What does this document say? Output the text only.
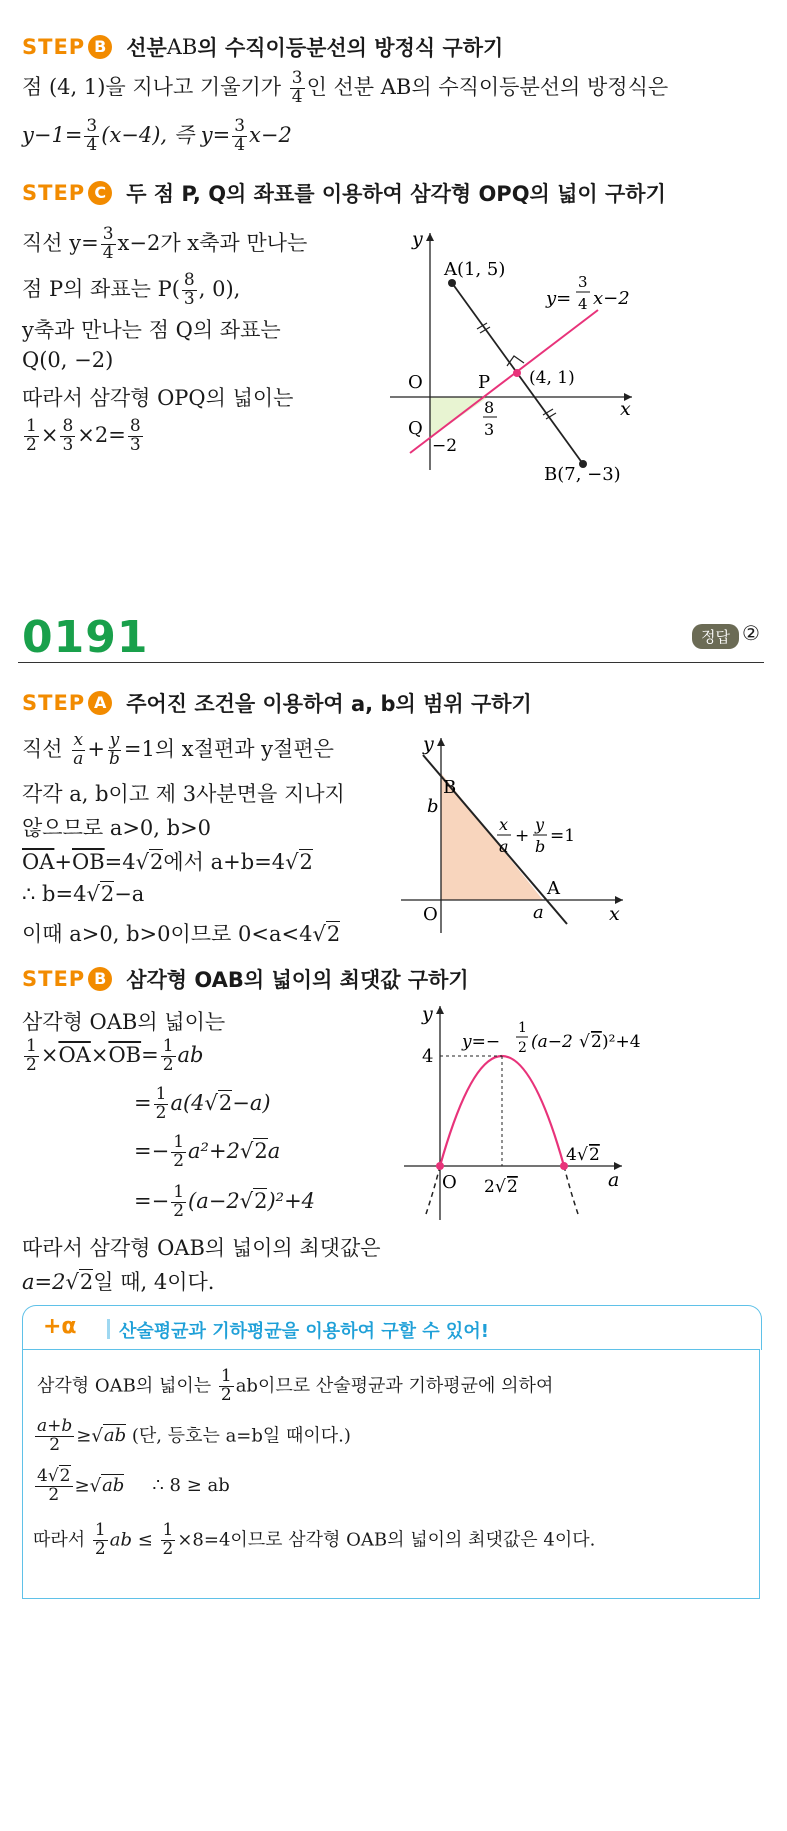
STEP B 선분 AB 의 수직이등분선의 방정식 구하기
점 (4, 1)을 지나고 기울기가 $\frac{3}{4}$ 인 선분 AB의 수직이등분선의 방정식은
$y-1= \frac{3}{4} (x-4)$, 즉 $y= \frac{3}{4} x-2$
STEP C 두 점 P, Q의 좌표를 이용하여 삼각형 OPQ의 넓이 구하기
직선 $y= \frac{3}{4} x-2$가 x축과 만나는
점 P의 좌표는 $P( \frac{8}{3}$ , 0),
y축과 만나는 점 Q의 좌표는
Q(0, −2)
따라서 삼각형 OPQ의 넓이는
$\frac{1}{2} \times \frac{8}{3} \times 2= \frac{8}{3}$
y
x
O	P
Q
−2
A(1, 5)
B(7, −3)
(4, 1)
8
3
y=
3
4 x−2
0191	정답 ②
STEP A 주어진 조건을 이용하여 a, b의 범위 구하기
직선 $\frac{x}{a} + \frac{y}{b} =1$의 x절편과 y절편은
각각 a, b이고 제 3사분면을 지나지
않으므로 a>0, b>0
$\overline{OA}+\overline{OB}=4√2$에서 a+b=4√2
∴ b=4√2−a
이때 a>0, b>0이므로 0<a<4√2
y
x
O
B
b
A
a
x
a
+
y
b
=1
STEP B 삼각형 OAB의 넓이의 최댓값 구하기
삼각형 OAB의 넓이는
$\frac{1}{2} \times\overline{OA}\times\overline{OB}= \frac{1}{2}$ ab
= $\frac{1}{2} a(4√2-a)$
=− $\frac{1}{2} a^2+2√2a$
=− $\frac{1}{2} (a-2√2)^2+4$
따라서 삼각형 OAB의 넓이의 최댓값은
a=2√2일 때, 4이다.
y
a
O
4
2 √ 2
4 √ 2
y=−
1
2 (a−2 √ 2 )²+4
+α 산술평균과 기하평균을 이용하여 구할 수 있어!
삼각형 OAB의 넓이는 $\frac{1}{2}$ ab이므로 산술평균과 기하평균에 의하여
$\frac{a+b}{2} \ge√ab$ (단, 등호는 a=b일 때이다.)
$\frac{4√2}{2} \ge√ab$ ∴ 8 ≥ ab
따라서 $\frac{1}{2}$ ab ≤ $\frac{1}{2} \times 8=4$이므로 삼각형 OAB의 넓이의 최댓값은 4이다.
